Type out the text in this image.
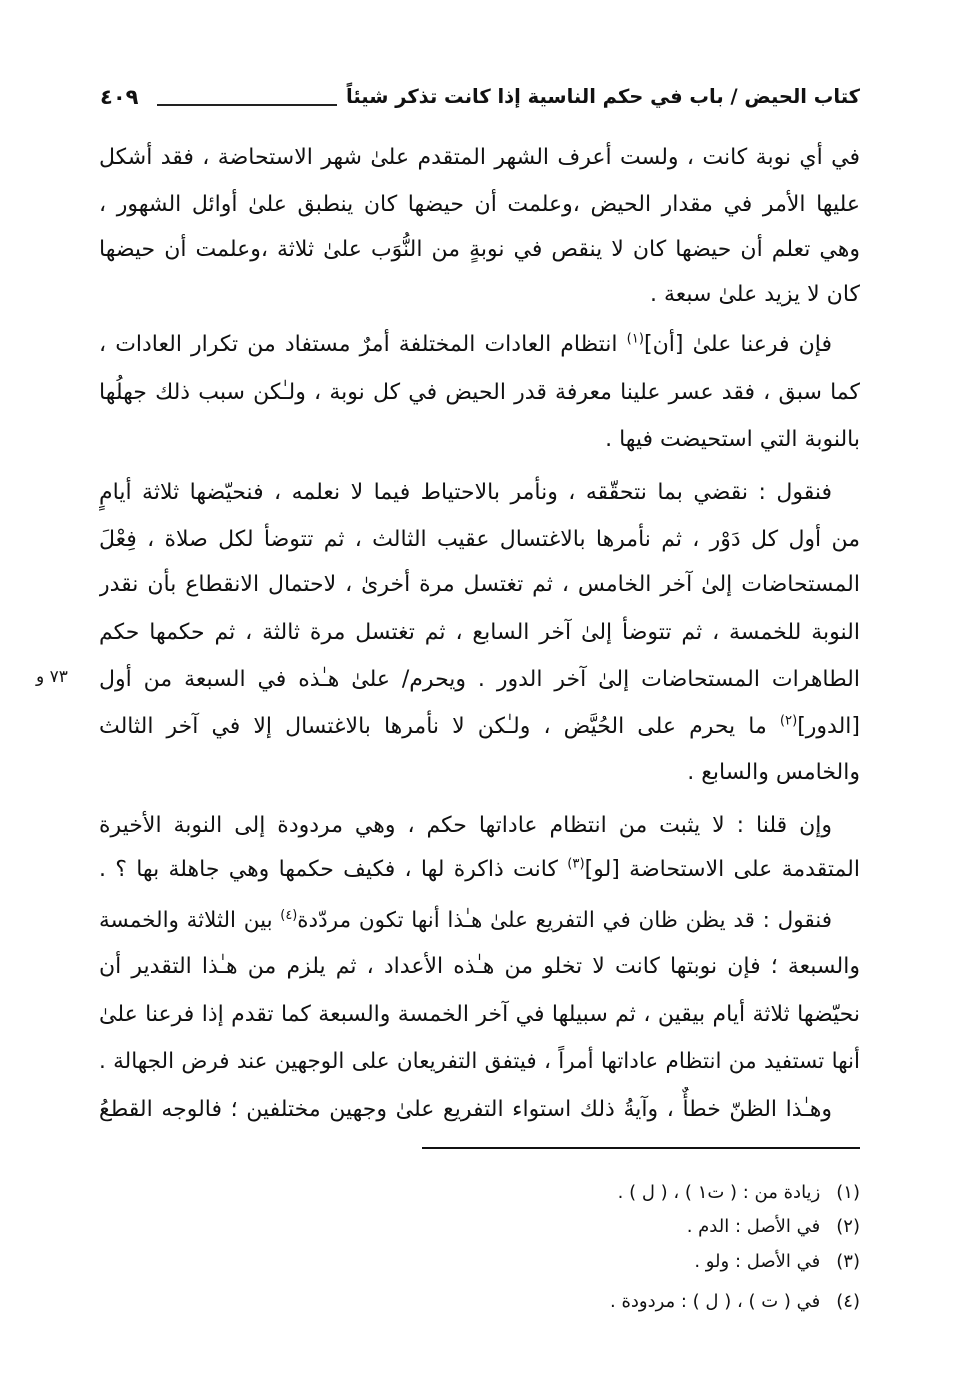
كتاب الحيض / باب في حكم الناسية إذا كانت تذكر شيئاً
٤٠٩
٧٣ و
في أي نوبة كانت ، ولست أعرف الشهر المتقدم علىٰ شهر الاستحاضة ، فقد أشكل
عليها الأمر في مقدار الحيض ،وعلمت أن حيضها كان ينطبق علىٰ أوائل الشهور ،
وهي تعلم أن حيضها كان لا ينقص في نوبةٍ من النُّوَب علىٰ ثلاثة ،وعلمت أن حيضها
كان لا يزيد علىٰ سبعة .
فإن فرعنا علىٰ [أن]$^{(١)}$ انتظام العادات المختلفة أمرٌ مستفاد من تكرار العادات ،
كما سبق ، فقد عسر علينا معرفة قدر الحيض في كل نوبة ، ولـٰكن سبب ذلك جهلُها
بالنوبة التي استحيضت فيها .
فنقول : نقضي بما نتحقّقه ، ونأمر بالاحتياط فيما لا نعلمه ، فنحيّضها ثلاثة أيامٍ
من أول كل دَوْر ، ثم نأمرها بالاغتسال عقيب الثالث ، ثم تتوضأ لكل صلاة ، فِعْلَ
المستحاضات إلىٰ آخر الخامس ، ثم تغتسل مرة أخرىٰ ، لاحتمال الانقطاع بأن نقدر
النوبة للخمسة ، ثم تتوضأ إلىٰ آخر السابع ، ثم تغتسل مرة ثالثة ، ثم حكمها حكم
الطاهرات المستحاضات إلىٰ آخر الدور . ويحرم/ علىٰ هـٰذه في السبعة من أول
[الدور]$^{(٢)}$ ما يحرم على الحُيَّض ، ولـٰكن لا نأمرها بالاغتسال إلا في آخر الثالث
والخامس والسابع .
وإن قلنا : لا يثبت من انتظام عاداتها حكم ، وهي مردودة إلى النوبة الأخيرة
المتقدمة على الاستحاضة [لو]$^{(٣)}$ كانت ذاكرة لها ، فكيف حكمها وهي جاهلة بها ؟ .
فنقول : قد يظن ظان في التفريع علىٰ هـٰذا أنها تكون مردّدة$^{(٤)}$ بين الثلاثة والخمسة
والسبعة ؛ فإن نوبتها كانت لا تخلو من هـٰذه الأعداد ، ثم يلزم من هـٰذا التقدير أن
نحيّضها ثلاثة أيام بيقين ، ثم سبيلها في آخر الخمسة والسبعة كما تقدم إذا فرعنا علىٰ
أنها تستفيد من انتظام عاداتها أمراً ، فيتفق التفريعان على الوجهين عند فرض الجهالة .
وهـٰذا الظنّ خطأٌ ، وآيةُ ذلك استواء التفريع علىٰ وجهين مختلفين ؛ فالوجه القطعُ
(١)زيادة من : ( ت١ ) ، ( ل ) .
(٢)في الأصل : الدم .
(٣)في الأصل : ولو .
(٤)في ( ت ) ، ( ل ) : مردودة .
